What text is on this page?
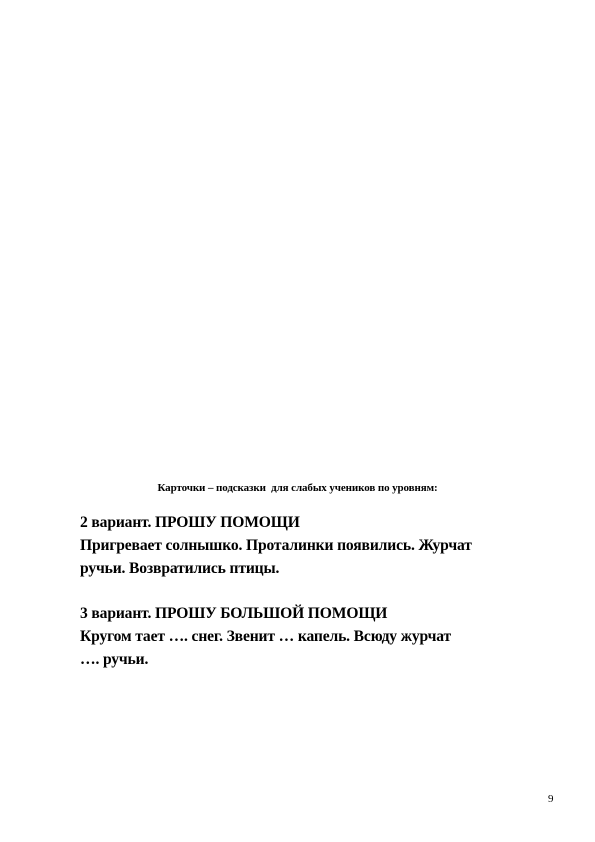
Карточки – подсказки  для слабых учеников по уровням:
2 вариант. ПРОШУ ПОМОЩИ
Пригревает солнышко. Проталинки появились. Журчат
ручьи. Возвратились птицы.
3 вариант. ПРОШУ БОЛЬШОЙ ПОМОЩИ
Кругом тает …. снег. Звенит … капель. Всюду журчат
…. ручьи.
9
